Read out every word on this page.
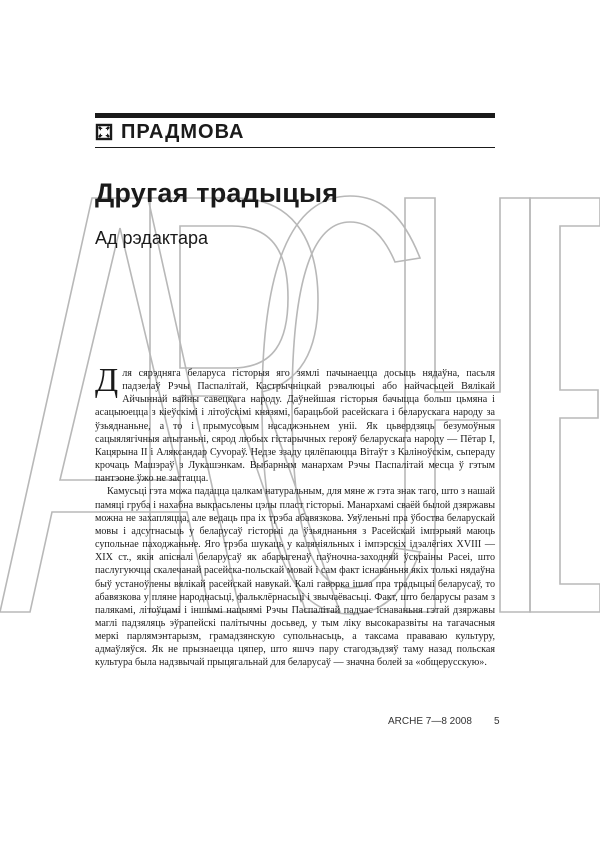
ПРАДМОВА
Другая традыцыя

Ад рэдактара

Для сярэдняга беларуса гісторыя яго зямлі пачынаецца досыць нядаўна, пасьля падзелаў Рэчы Паспалітай, Кастрычніцкай рэвалюцыі або найчасьцей Вялікай Айчыннай вайны савецкага народу. Даўнейшая гісторыя бачыцца больш цьмяна і асацыюецца з кіеўскімі і літоўскімі князямі, барацьбой расейскага і беларускага народу за ўзьяднаньне, а то і прымусовым насаджэньнем уніі. Як цьвердзяць безумоўныя сацыялягічныя апытаньні, сярод любых гістарычных герояў беларускага народу — Пётар І, Кацярына ІІ і Аляксандар Суvoраў. Недзе ззаду цялёпаюцца Вітаўт з Каліноўскім, сьпераду крочаць Машэраў з Лукашэнкам. Выбарным манархам Рэчы Паспалітай месца ў гэтым пантэоне ўжо не застацца.

Камусьці гэта можа падацца цалкам натуральным, для мяне ж гэта знак таго, што з нашай памяці груба і нахабна выкрасьлены цэлы пласт гісторыі. Манархамі сваёй былой дзяржавы можна не захапляцца, але ведаць пра іх трэба абавязкова. Уяўленьні пра ўбоства беларускай мовы і адсутнасьць у беларусаў гісторыі да ўзьяднаньня з Расейскай імпэрыяй маюць супольнае паходжаньне. Яго трэба шукаць у каляніяльных і імпэрскіх ідэалёгіях XVIII — XIX ст., якія апісвалі беларусаў як абарыгенаў паўночна-заходняй ўскраіны Расеі, што паслугуючца скалечанай расейска-польскай мовай і сам факт існаваньня якіх толькі нядаўна быў устаноўлены вялікай расейскай навукай. Калі гаворка ішла пра традыцыі беларусаў, то абавязкова у пляне народнасьці, фальклёрнасьці і звычаёвасьці. Факт, што беларусы разам з палякамі, літоўцамі і іншымі нацыямі Рэчы Паспалітай падчас існаваньня гэтай дзяржавы маглі падзяляць эўрапейскі палітычны досьвед, у тым ліку высокаразвіты на тагачасныя меркі парлямэнтарызм, грамадзянскую супольнасьць, а таксама прававаю культуру, адмаўляўся. Як не прызнаецца цяпер, што яшчэ пару стагодзьдзяў таму назад польская культура была надзвычай прыцягальнай для беларусаў — значна болей за «общерусскую».

ARCHE 7—8 2008 5
